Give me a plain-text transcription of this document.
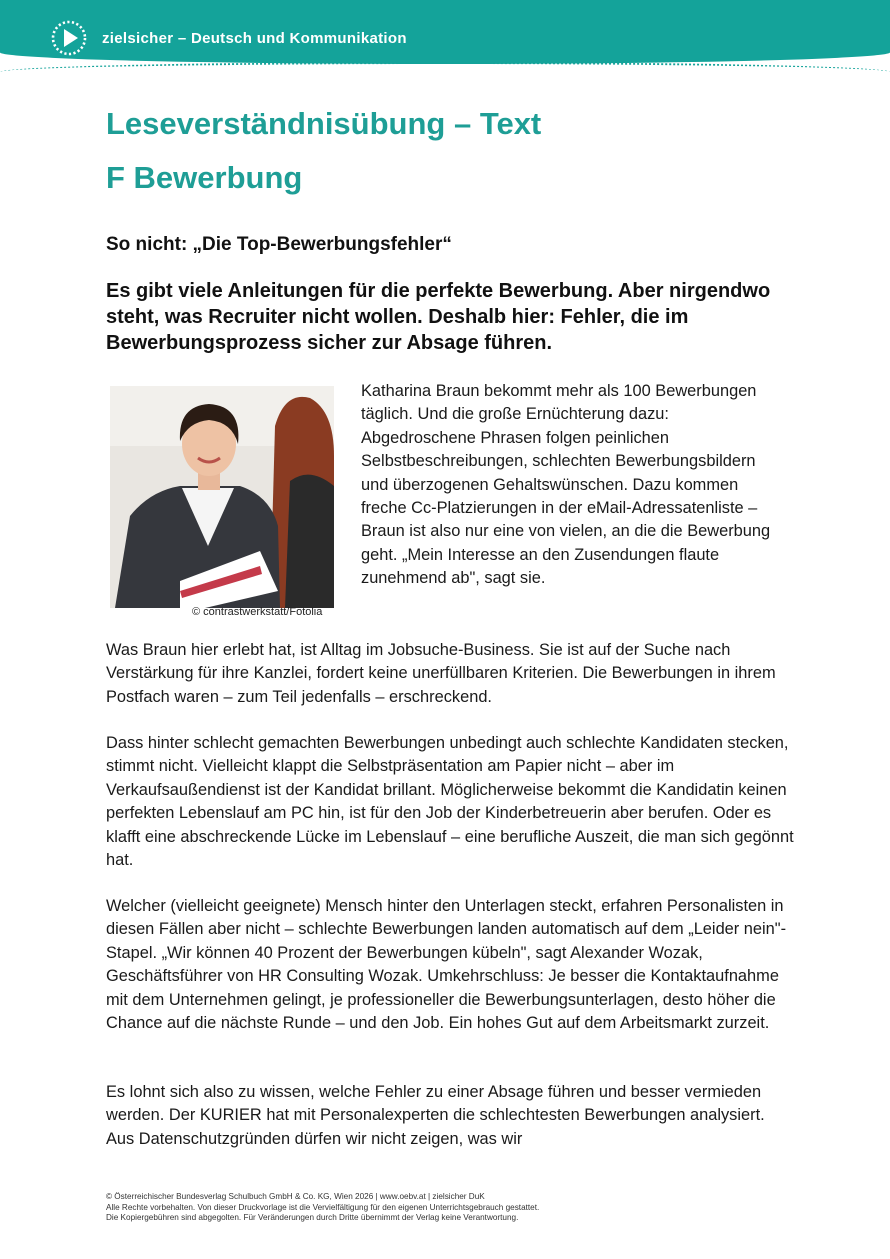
zielsicher – Deutsch und Kommunikation
Leseverständnisübung – Text
F Bewerbung
So nicht: „Die Top-Bewerbungsfehler“

Es gibt viele Anleitungen für die perfekte Bewerbung. Aber nirgendwo steht, was Recruiter nicht wollen. Deshalb hier: Fehler, die im Bewerbungsprozess sicher zur Absage führen.

© contrastwerkstatt/Fotolia

Katharina Braun bekommt mehr als 100 Bewerbungen täglich. Und die große Ernüchterung dazu: Abgedroschene Phrasen folgen peinlichen Selbstbeschreibungen, schlechten Bewerbungsbildern und überzogenen Gehaltswünschen. Dazu kommen freche Cc-Platzierungen in der eMail-Adressatenliste – Braun ist also nur eine von vielen, an die die Bewerbung geht. „Mein Interesse an den Zusendungen flaute zunehmend ab", sagt sie.

Was Braun hier erlebt hat, ist Alltag im Jobsuche-Business. Sie ist auf der Suche nach Verstärkung für ihre Kanzlei, fordert keine unerfüllbaren Kriterien. Die Bewerbungen in ihrem Postfach waren – zum Teil jedenfalls – erschreckend.

Dass hinter schlecht gemachten Bewerbungen unbedingt auch schlechte Kandidaten stecken, stimmt nicht. Vielleicht klappt die Selbstpräsentation am Papier nicht – aber im Verkaufsaußendienst ist der Kandidat brillant. Möglicherweise bekommt die Kandidatin keinen perfekten Lebenslauf am PC hin, ist für den Job der Kinderbetreuerin aber berufen. Oder es klafft eine abschreckende Lücke im Lebenslauf – eine berufliche Auszeit, die man sich gegönnt hat.

Welcher (vielleicht geeignete) Mensch hinter den Unterlagen steckt, erfahren Personalisten in diesen Fällen aber nicht – schlechte Bewerbungen landen automatisch auf dem „Leider nein"-Stapel. „Wir können 40 Prozent der Bewerbungen kübeln", sagt Alexander Wozak, Geschäftsführer von HR Consulting Wozak. Umkehrschluss: Je besser die Kontaktaufnahme mit dem Unternehmen gelingt, je professioneller die Bewerbungsunterlagen, desto höher die Chance auf die nächste Runde – und den Job. Ein hohes Gut auf dem Arbeitsmarkt zurzeit.

Es lohnt sich also zu wissen, welche Fehler zu einer Absage führen und besser vermieden werden. Der KURIER hat mit Personalexperten die schlechtesten Bewerbungen analysiert. Aus Datenschutzgründen dürfen wir nicht zeigen, was wir

© Österreichischer Bundesverlag Schulbuch GmbH & Co. KG, Wien 2026 | www.oebv.at | zielsicher DuK
Alle Rechte vorbehalten. Von dieser Druckvorlage ist die Vervielfältigung für den eigenen Unterrichtsgebrauch gestattet.
Die Kopiergebühren sind abgegolten. Für Veränderungen durch Dritte übernimmt der Verlag keine Verantwortung.
